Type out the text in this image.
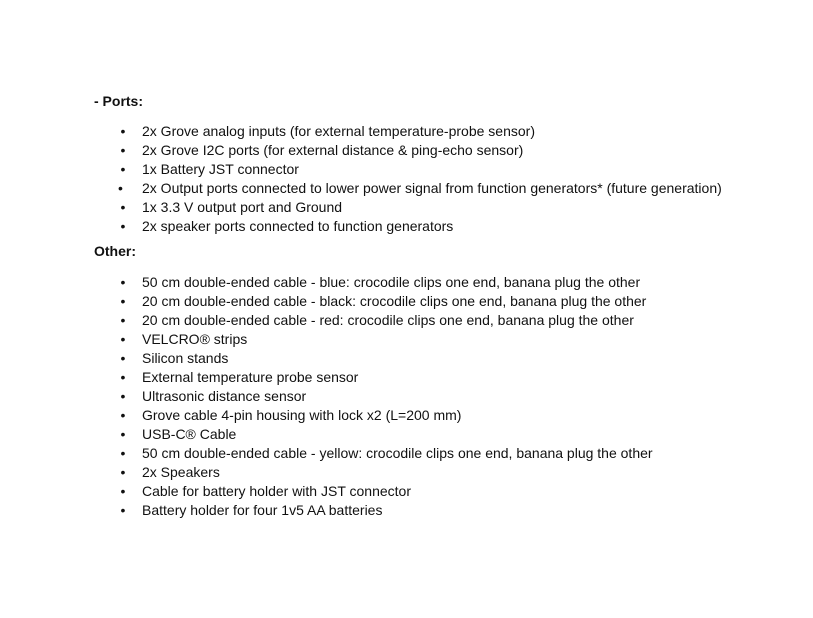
- Ports:

• 2x Grove analog inputs (for external temperature-probe sensor)
• 2x Grove I2C ports (for external distance & ping-echo sensor)
• 1x Battery JST connector
•	2x Output ports connected to lower power signal from function generators* (future generation)
• 1x 3.3 V output port and Ground
• 2x speaker ports connected to function generators

Other:

• 50 cm double-ended cable - blue: crocodile clips one end, banana plug the other
• 20 cm double-ended cable - black: crocodile clips one end, banana plug the other
• 20 cm double-ended cable - red: crocodile clips one end, banana plug the other
• VELCRO® strips
• Silicon stands
• External temperature probe sensor
• Ultrasonic distance sensor
• Grove cable 4-pin housing with lock x2 (L=200 mm)
• USB-C® Cable
• 50 cm double-ended cable - yellow: crocodile clips one end, banana plug the other
• 2x Speakers
• Cable for battery holder with JST connector
• Battery holder for four 1v5 AA batteries
